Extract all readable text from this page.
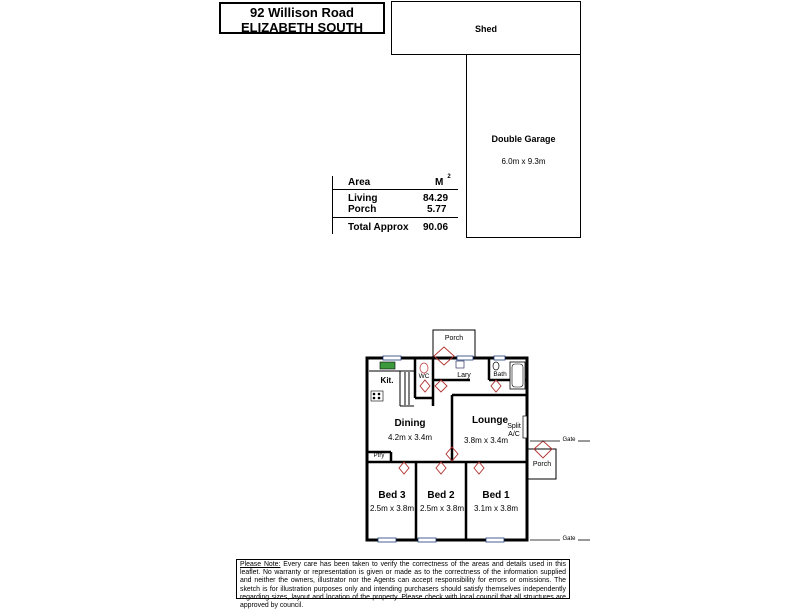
92 Willison Road
ELIZABETH SOUTH	Shed
Double Garage
6.0m x 9.3m
Area	M $^2$
Living	84.29
Porch	5.77
Total Approx 90.06
Porch
Kit.	WC	Lary	Bath
Dining
4.2m x 3.4m
Lounge
3.8m x 3.4m
Split
A/C
Ptry
Porch
Bed 3
2.5m x 3.8m
Bed 2
2.5m x 3.8m
Bed 1
3.1m x 3.8m
Gate
Gate
Please Note: Every care has been taken to verify the correctness of the areas and details used in this leaflet. No warranty or representation is given or made as to the correctness of the information supplied and neither the owners, illustrator nor the Agents can accept responsibility for errors or omissions. The sketch is for illustration purposes only and intending purchasers should satisfy themselves independently regarding sizes, layout and location of the property. Please check with local council that all structures are approved by council.
